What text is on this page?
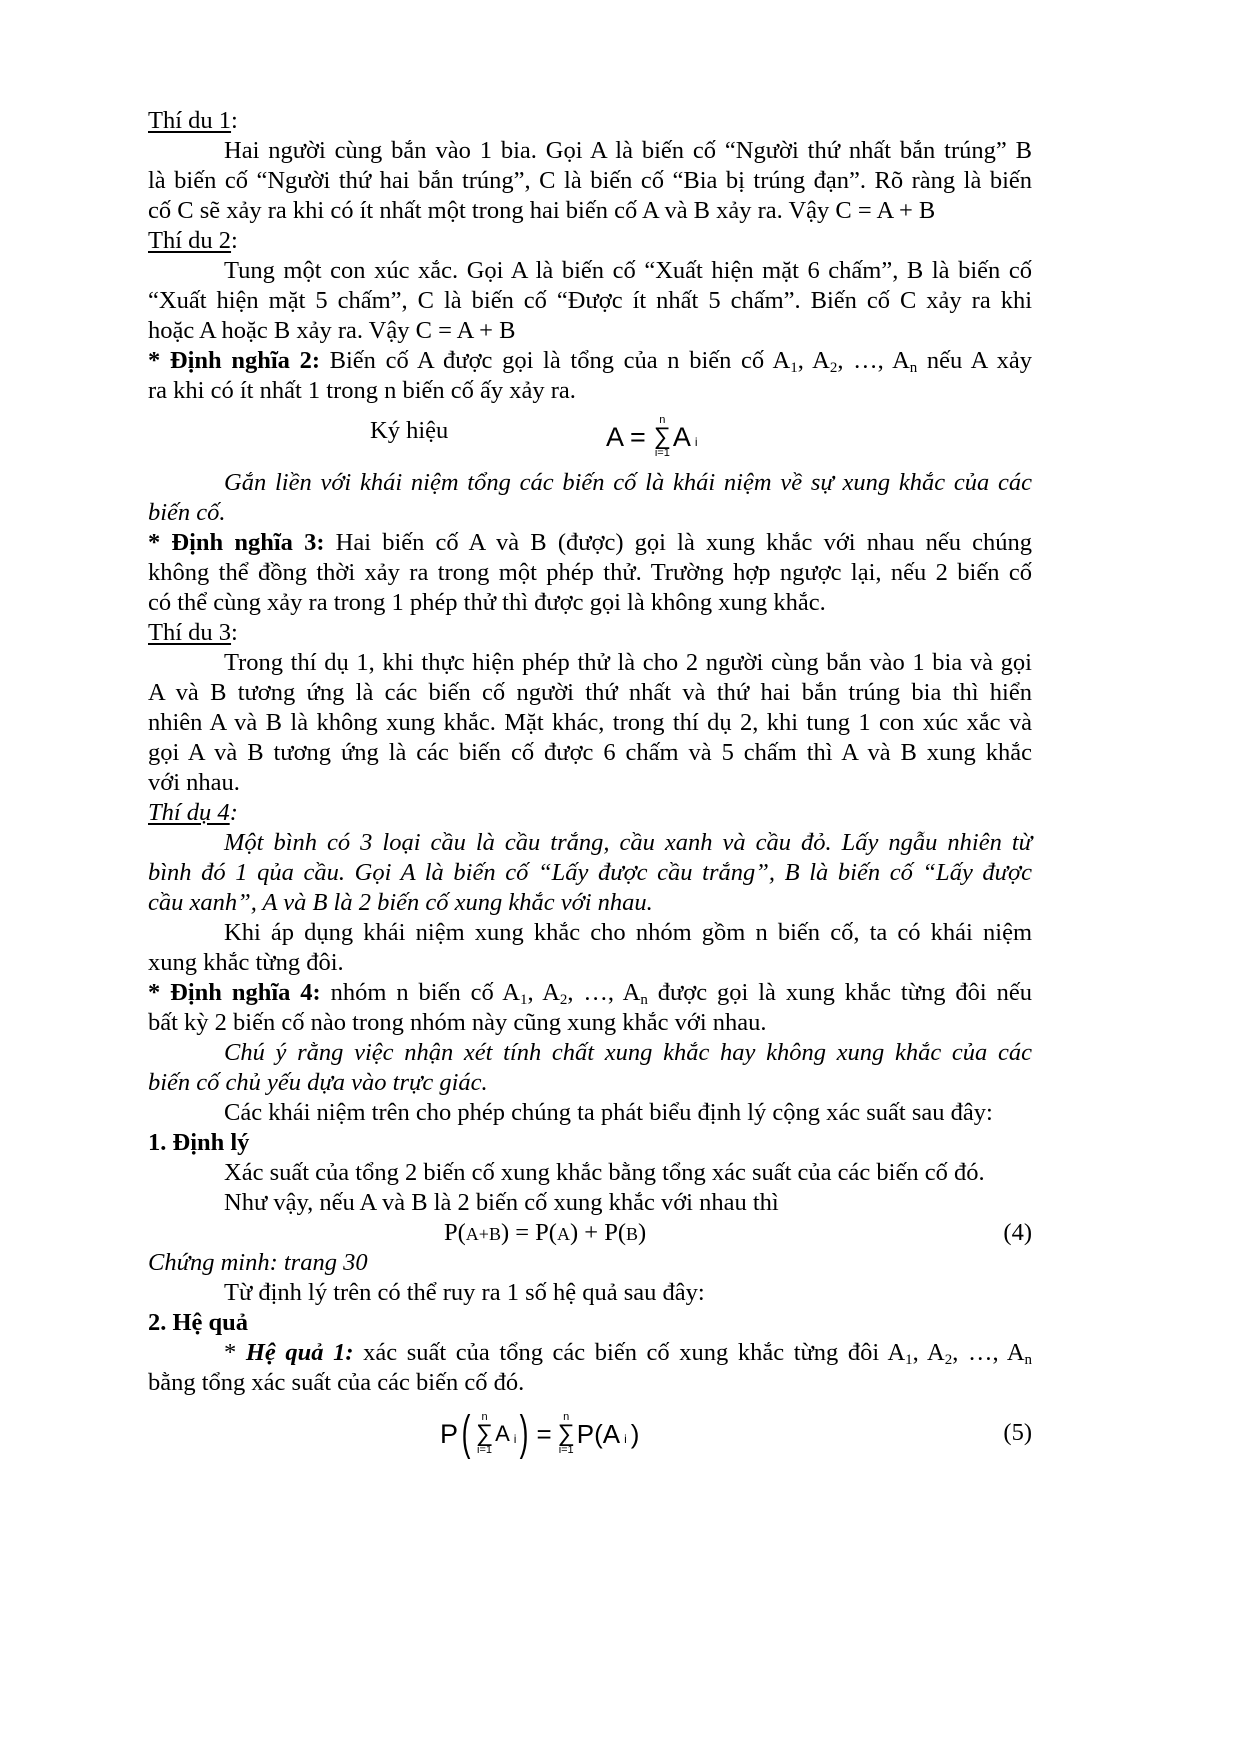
Thí du 1:
Hai người cùng bắn vào 1 bia. Gọi A là biến cố “Người thứ nhất bắn trúng” B
là biến cố “Người thứ hai bắn trúng”, C là biến cố “Bia bị trúng đạn”. Rõ ràng là biến
cố C sẽ xảy ra khi có ít nhất một trong hai biến cố A và B xảy ra. Vậy C = A + B
Thí du 2:
Tung một con xúc xắc. Gọi A là biến cố “Xuất hiện mặt 6 chấm”, B là biến cố
“Xuất hiện mặt 5 chấm”, C là biến cố “Được ít nhất 5 chấm”. Biến cố C xảy ra khi
hoặc A hoặc B xảy ra. Vậy C = A + B
* Định nghĩa 2: Biến cố A được gọi là tổng của n biến cố $A_1$, $A_2$, …, $A_n$ nếu A xảy
ra khi có ít nhất 1 trong n biến cố ấy xảy ra.
Ký hiệu	A =
n
∑
i=1
A i
Gắn liền với khái niệm tổng các biến cố là khái niệm về sự xung khắc của các
biến cố.
* Định nghĩa 3: Hai biến cố A và B (được) gọi là xung khắc với nhau nếu chúng
không thể đồng thời xảy ra trong một phép thử. Trường hợp ngược lại, nếu 2 biến cố
có thể cùng xảy ra trong 1 phép thử thì được gọi là không xung khắc.
Thí du 3:
Trong thí dụ 1, khi thực hiện phép thử là cho 2 người cùng bắn vào 1 bia và gọi
A và B tương ứng là các biến cố người thứ nhất và thứ hai bắn trúng bia thì hiển
nhiên A và B là không xung khắc. Mặt khác, trong thí dụ 2, khi tung 1 con xúc xắc và
gọi A và B tương ứng là các biến cố được 6 chấm và 5 chấm thì A và B xung khắc
với nhau.
Thí dụ 4:
Một bình có 3 loại cầu là cầu trắng, cầu xanh và cầu đỏ. Lấy ngẫu nhiên từ
bình đó 1 qủa cầu. Gọi A là biến cố “Lấy được cầu trắng”, B là biến cố “Lấy được
cầu xanh”, A và B là 2 biến cố xung khắc với nhau.
Khi áp dụng khái niệm xung khắc cho nhóm gồm n biến cố, ta có khái niệm
xung khắc từng đôi.
* Định nghĩa 4: nhóm n biến cố $A_1$, $A_2$, …, $A_n$ được gọi là xung khắc từng đôi nếu
bất kỳ 2 biến cố nào trong nhóm này cũng xung khắc với nhau.
Chú ý rằng việc nhận xét tính chất xung khắc hay không xung khắc của các
biến cố chủ yếu dựa vào trực giác.
Các khái niệm trên cho phép chúng ta phát biểu định lý cộng xác suất sau đây:
1. Định lý
Xác suất của tổng 2 biến cố xung khắc bằng tổng xác suất của các biến cố đó.
Như vậy, nếu A và B là 2 biến cố xung khắc với nhau thì
P(A+B) = P(A) + P(B)	(4)
Chứng minh: trang 30
Từ định lý trên có thể ruy ra 1 số hệ quả sau đây:
2. Hệ quả
* Hệ quả 1: xác suất của tổng các biến cố xung khắc từng đôi $A_1$, $A_2$, …, $A_n$
bằng tổng xác suất của các biến cố đó.
P ( n
∑
i=1
A i ) =
n
∑
i=1
P(A i )	(5)
